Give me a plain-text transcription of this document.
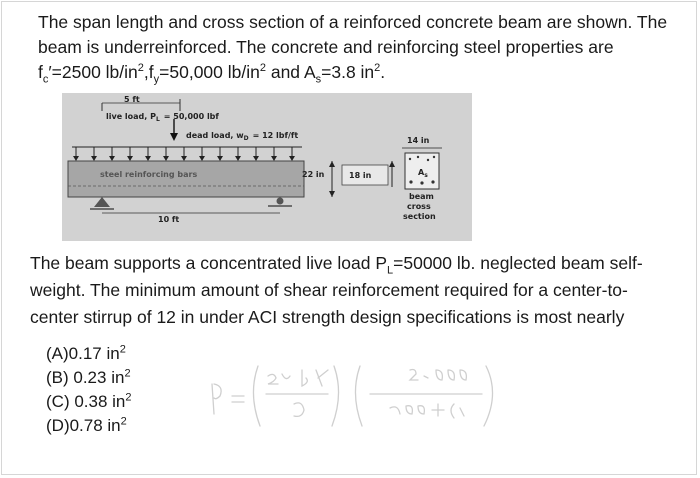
The span length and cross section of a reinforced concrete beam are shown. The

beam is underreinforced. The concrete and reinforcing steel properties are

$f_c'=2500$ $lb/in^2,f_y=50,000$ $lb/in^2$ and $A_s=3.8$ $in^2$.

5 ft
live load, $P_L = 50,000$ lbf
dead load, $w_D = 12$ lbf/ft
steel reinforcing bars
10 ft
22 in	18 in
14 in
$A_s$
beam
cross
section

The beam supports a concentrated live load $P_L=50000$ lb. neglected beam self-

weight. The minimum amount of shear reinforcement required for a center-to-

center stirrup of 12 in under ACI strength design specifications is most nearly

(A)0.17 $in^2$
(B) 0.23 $in^2$
(C) 0.38 $in^2$
(D)0.78 $in^2$
